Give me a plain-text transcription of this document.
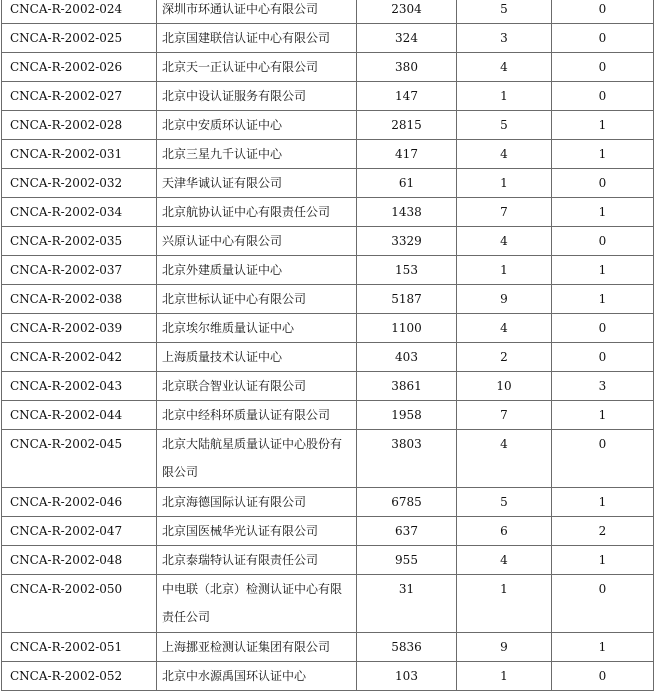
CNCA-R-2002-024	深圳市环通认证中心有限公司	2304	5	0
CNCA-R-2002-025	北京国建联信认证中心有限公司	324	3	0
CNCA-R-2002-026	北京天一正认证中心有限公司	380	4	0
CNCA-R-2002-027	北京中设认证服务有限公司	147	1	0
CNCA-R-2002-028	北京中安质环认证中心	2815	5	1
CNCA-R-2002-031	北京三星九千认证中心	417	4	1
CNCA-R-2002-032	天津华诚认证有限公司	61	1	0
CNCA-R-2002-034	北京航协认证中心有限责任公司	1438	7	1
CNCA-R-2002-035	兴原认证中心有限公司	3329	4	0
CNCA-R-2002-037	北京外建质量认证中心	153	1	1
CNCA-R-2002-038	北京世标认证中心有限公司	5187	9	1
CNCA-R-2002-039	北京埃尔维质量认证中心	1100	4	0
CNCA-R-2002-042	上海质量技术认证中心	403	2	0
CNCA-R-2002-043	北京联合智业认证有限公司	3861	10	3
CNCA-R-2002-044	北京中经科环质量认证有限公司	1958	7	1
CNCA-R-2002-045	北京大陆航星质量认证中心股份有限公司	3803	4	0
CNCA-R-2002-046	北京海德国际认证有限公司	6785	5	1
CNCA-R-2002-047	北京国医械华光认证有限公司	637	6	2
CNCA-R-2002-048	北京泰瑞特认证有限责任公司	955	4	1
CNCA-R-2002-050	中电联（北京）检测认证中心有限责任公司	31	1	0
CNCA-R-2002-051	上海挪亚检测认证集团有限公司	5836	9	1
CNCA-R-2002-052	北京中水源禹国环认证中心	103	1	0
